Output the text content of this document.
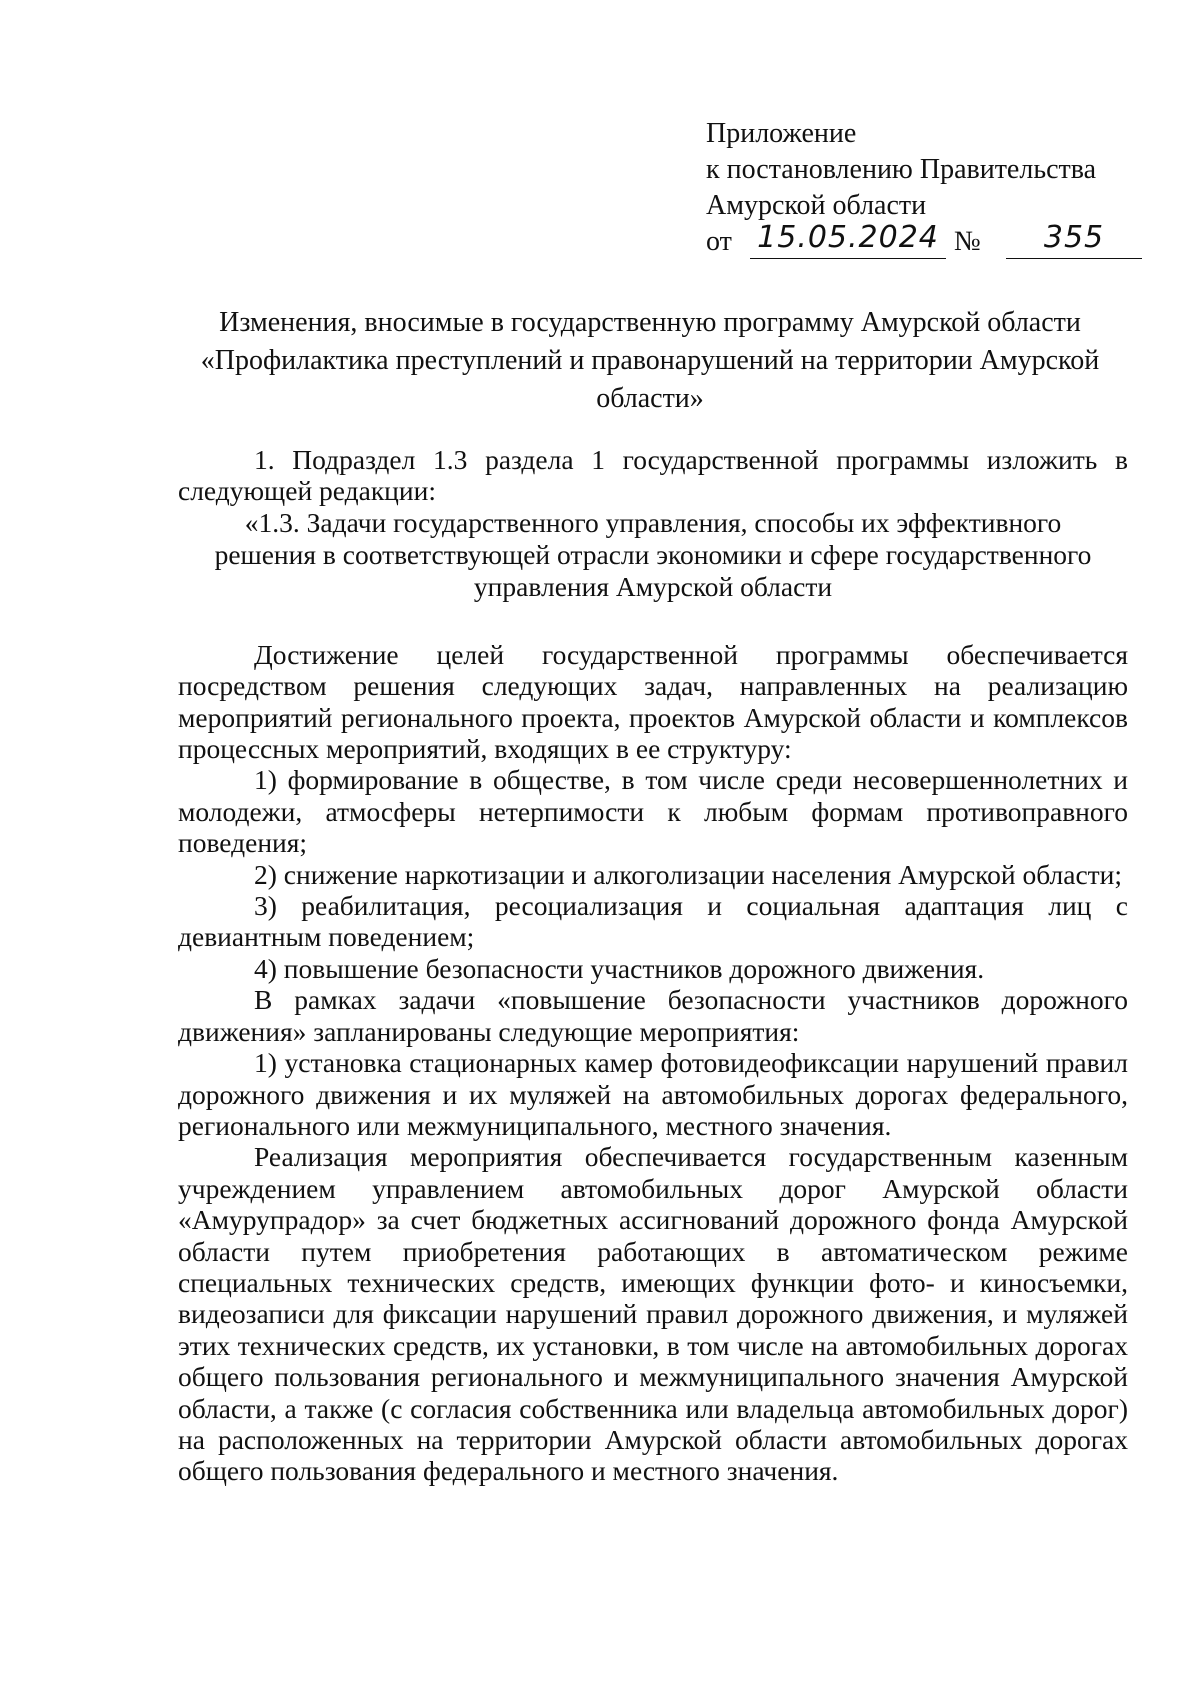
Приложение
к постановлению Правительства
Амурской области
от 15.05.2024 №	355
Изменения, вносимые в государственную программу Амурской области
«Профилактика преступлений и правонарушений на территории Амурской
области»

1. Подраздел 1.3 раздела 1 государственной программы изложить в следующей редакции:

«1.3. Задачи государственного управления, способы их эффективного
решения в соответствующей отрасли экономики и сфере государственного
управления Амурской области

Достижение целей государственной программы обеспечивается посредством решения следующих задач, направленных на реализацию мероприятий регионального проекта, проектов Амурской области и комплексов процессных мероприятий, входящих в ее структуру:

1) формирование в обществе, в том числе среди несовершеннолетних и молодежи, атмосферы нетерпимости к любым формам противоправного поведения;

2) снижение наркотизации и алкоголизации населения Амурской области;

3) реабилитация, ресоциализация и социальная адаптация лиц с девиантным поведением;

4) повышение безопасности участников дорожного движения.

В рамках задачи «повышение безопасности участников дорожного движения» запланированы следующие мероприятия:

1) установка стационарных камер фотовидеофиксации нарушений правил дорожного движения и их муляжей на автомобильных дорогах федерального, регионального или межмуниципального, местного значения.

Реализация мероприятия обеспечивается государственным казенным учреждением управлением автомобильных дорог Амурской области «Амурупрадор» за счет бюджетных ассигнований дорожного фонда Амурской области путем приобретения работающих в автоматическом режиме специальных технических средств, имеющих функции фото- и киносъемки, видеозаписи для фиксации нарушений правил дорожного движения, и муляжей этих технических средств, их установки, в том числе на автомобильных дорогах общего пользования регионального и межмуниципального значения Амурской области, а также (с согласия собственника или владельца автомобильных дорог) на расположенных на территории Амурской области автомобильных дорогах общего пользования федерального и местного значения.
